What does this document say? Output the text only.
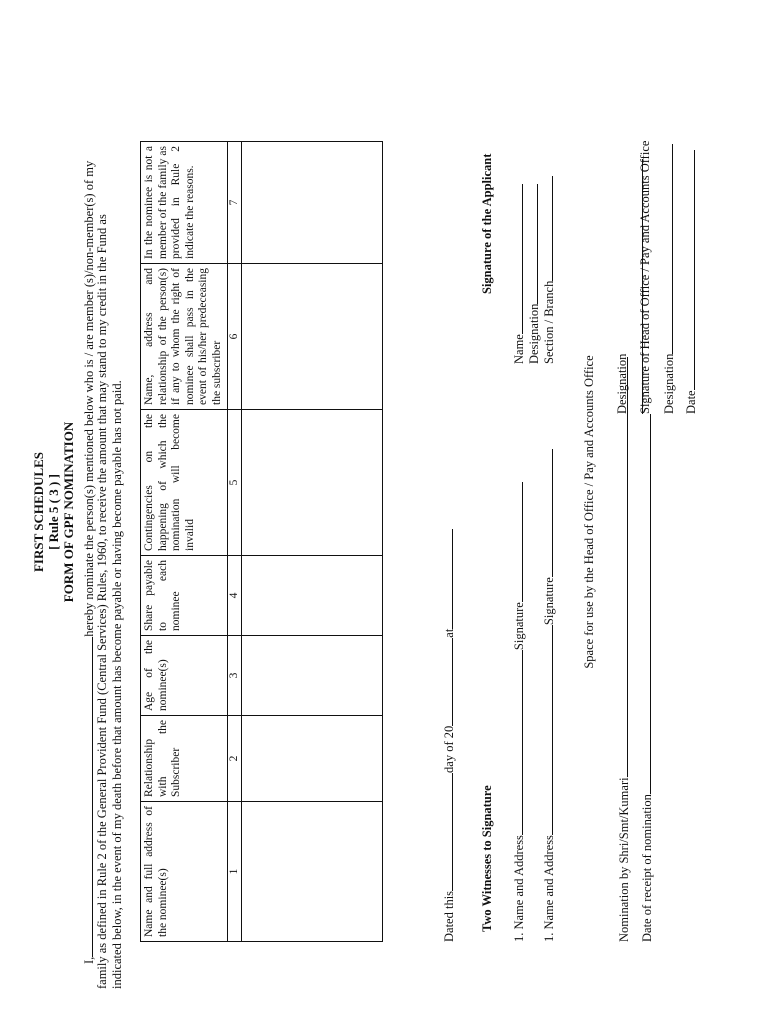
FIRST SCHEDULES [ Rule 5 ( 3 ) ] FORM OF GPF NOMINATION
I,hereby nominate the person(s) mentioned below who is / are member (s)/non-member(s) of my family as defined in Rule 2 of the General Provident Fund (Central Services) Rules, 1960, to receive the amount that may stand to my credit in the Fund as indicated below, in the event of my death before that amount has become payable or having become payable has not paid. Name and full address of the nominee(s)	Relationship with the Subscriber	Age of the nominee(s)	Share payable to each nominee	Contingencies on the happening of which the nomination will become invalid	Name, address and relationship of the person(s) if any to whom the right of nominee shall pass in the event of his/her predeceasing the subscriber	In the nominee is not a member of the family as provided in Rule 2 indicate the reasons.
1	2	3	4	5	6	7

Dated thisday of 20at
Two Witnesses to Signature 1. Name and AddressSignature
1. Name and AddressSignature
Signature of the Applicant
Name Designation Section / Branch
Space for use by the Head of Office / Pay and Accounts Office
Nomination by Shri/Smt/Kumari Date of receipt of nomination
Designation Signature of Head of Office / Pay and Accounts Office Designation Date
